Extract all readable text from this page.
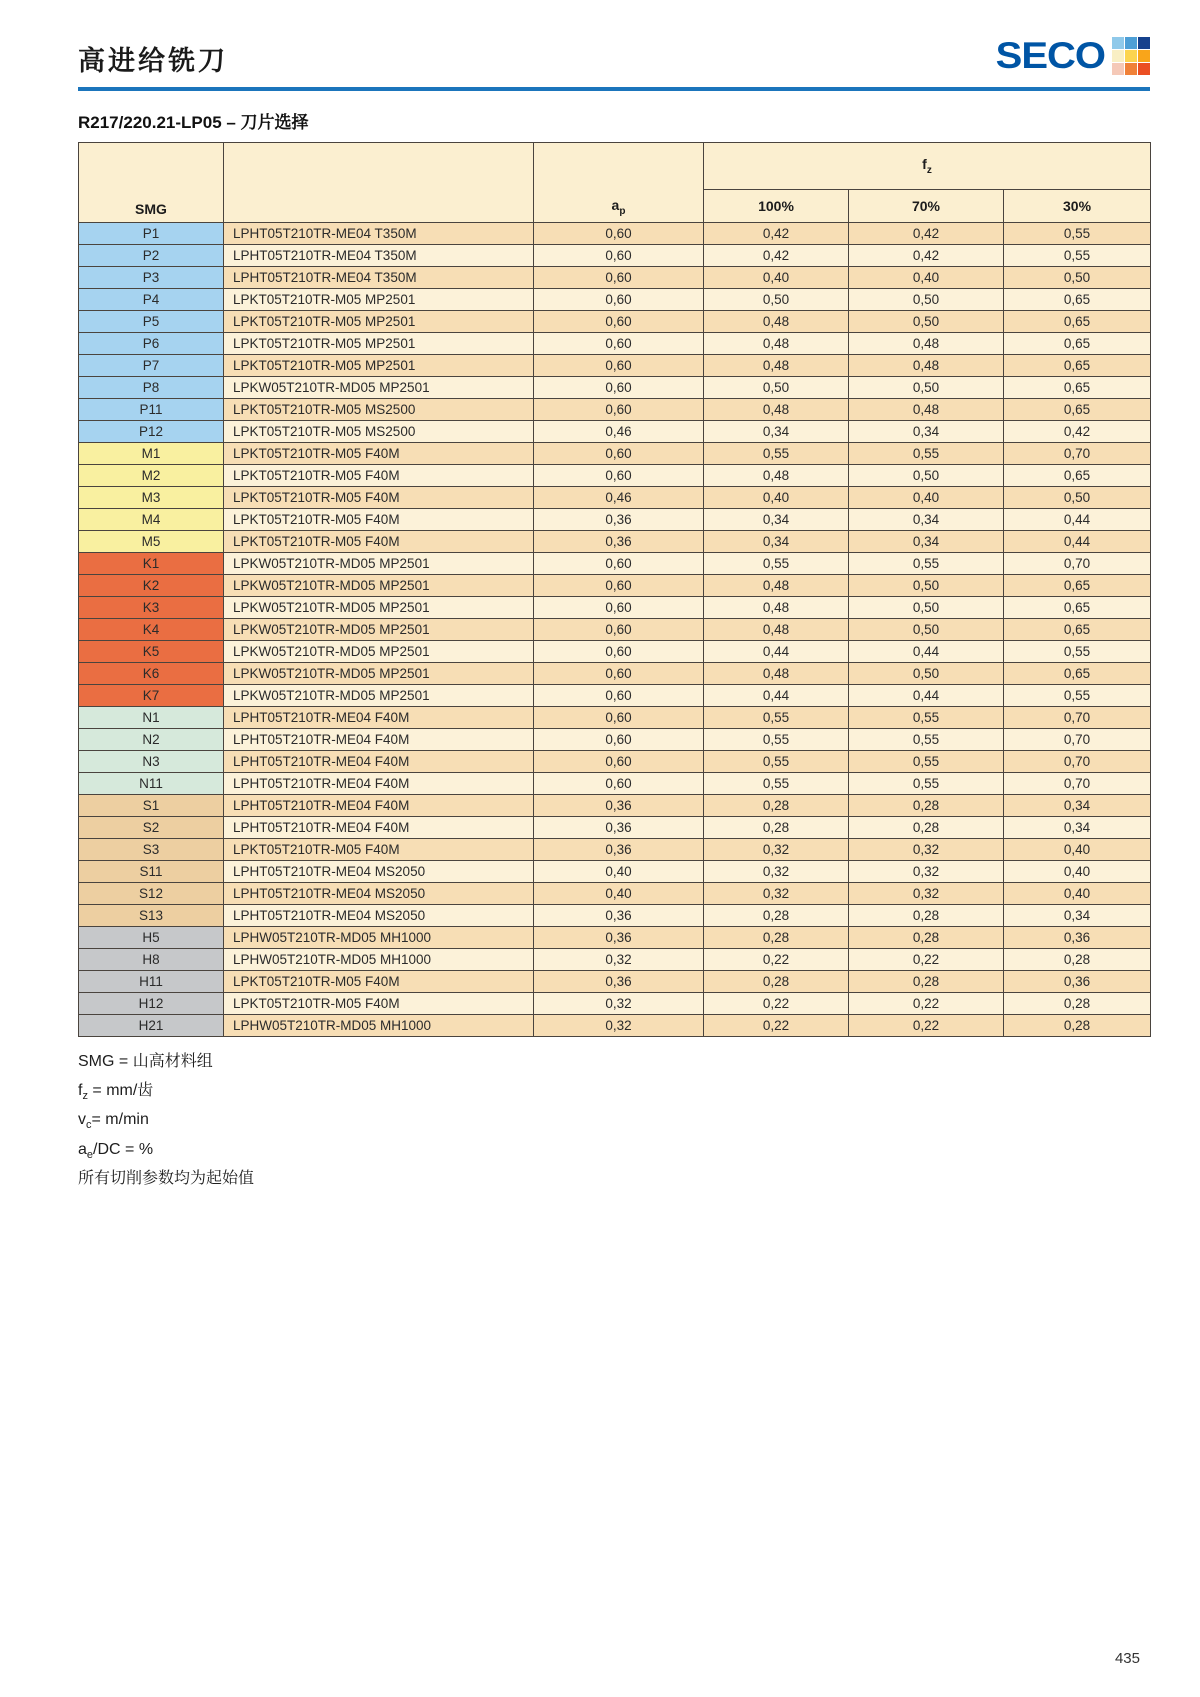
高进给铣刀	SECO
R217/220.21-LP05 – 刀片选择
SMG		$a_p$	$f_z$
			100%	70%	30%
P1	LPHT05T210TR-ME04 T350M	0,60	0,42	0,42	0,55
P2	LPHT05T210TR-ME04 T350M	0,60	0,42	0,42	0,55
P3	LPHT05T210TR-ME04 T350M	0,60	0,40	0,40	0,50
P4	LPKT05T210TR-M05 MP2501	0,60	0,50	0,50	0,65
P5	LPKT05T210TR-M05 MP2501	0,60	0,48	0,50	0,65
P6	LPKT05T210TR-M05 MP2501	0,60	0,48	0,48	0,65
P7	LPKT05T210TR-M05 MP2501	0,60	0,48	0,48	0,65
P8	LPKW05T210TR-MD05 MP2501	0,60	0,50	0,50	0,65
P11	LPKT05T210TR-M05 MS2500	0,60	0,48	0,48	0,65
P12	LPKT05T210TR-M05 MS2500	0,46	0,34	0,34	0,42
M1	LPKT05T210TR-M05 F40M	0,60	0,55	0,55	0,70
M2	LPKT05T210TR-M05 F40M	0,60	0,48	0,50	0,65
M3	LPKT05T210TR-M05 F40M	0,46	0,40	0,40	0,50
M4	LPKT05T210TR-M05 F40M	0,36	0,34	0,34	0,44
M5	LPKT05T210TR-M05 F40M	0,36	0,34	0,34	0,44
K1	LPKW05T210TR-MD05 MP2501	0,60	0,55	0,55	0,70
K2	LPKW05T210TR-MD05 MP2501	0,60	0,48	0,50	0,65
K3	LPKW05T210TR-MD05 MP2501	0,60	0,48	0,50	0,65
K4	LPKW05T210TR-MD05 MP2501	0,60	0,48	0,50	0,65
K5	LPKW05T210TR-MD05 MP2501	0,60	0,44	0,44	0,55
K6	LPKW05T210TR-MD05 MP2501	0,60	0,48	0,50	0,65
K7	LPKW05T210TR-MD05 MP2501	0,60	0,44	0,44	0,55
N1	LPHT05T210TR-ME04 F40M	0,60	0,55	0,55	0,70
N2	LPHT05T210TR-ME04 F40M	0,60	0,55	0,55	0,70
N3	LPHT05T210TR-ME04 F40M	0,60	0,55	0,55	0,70
N11	LPHT05T210TR-ME04 F40M	0,60	0,55	0,55	0,70
S1	LPHT05T210TR-ME04 F40M	0,36	0,28	0,28	0,34
S2	LPHT05T210TR-ME04 F40M	0,36	0,28	0,28	0,34
S3	LPKT05T210TR-M05 F40M	0,36	0,32	0,32	0,40
S11	LPHT05T210TR-ME04 MS2050	0,40	0,32	0,32	0,40
S12	LPHT05T210TR-ME04 MS2050	0,40	0,32	0,32	0,40
S13	LPHT05T210TR-ME04 MS2050	0,36	0,28	0,28	0,34
H5	LPHW05T210TR-MD05 MH1000	0,36	0,28	0,28	0,36
H8	LPHW05T210TR-MD05 MH1000	0,32	0,22	0,22	0,28
H11	LPKT05T210TR-M05 F40M	0,36	0,28	0,28	0,36
H12	LPKT05T210TR-M05 F40M	0,32	0,22	0,22	0,28
H21	LPHW05T210TR-MD05 MH1000	0,32	0,22	0,22	0,28
SMG = 山高材料组
$f_z = mm/$齿
$v_c= m/\min$
$a_e/DC$ = %
所有切削参数均为起始值
435
